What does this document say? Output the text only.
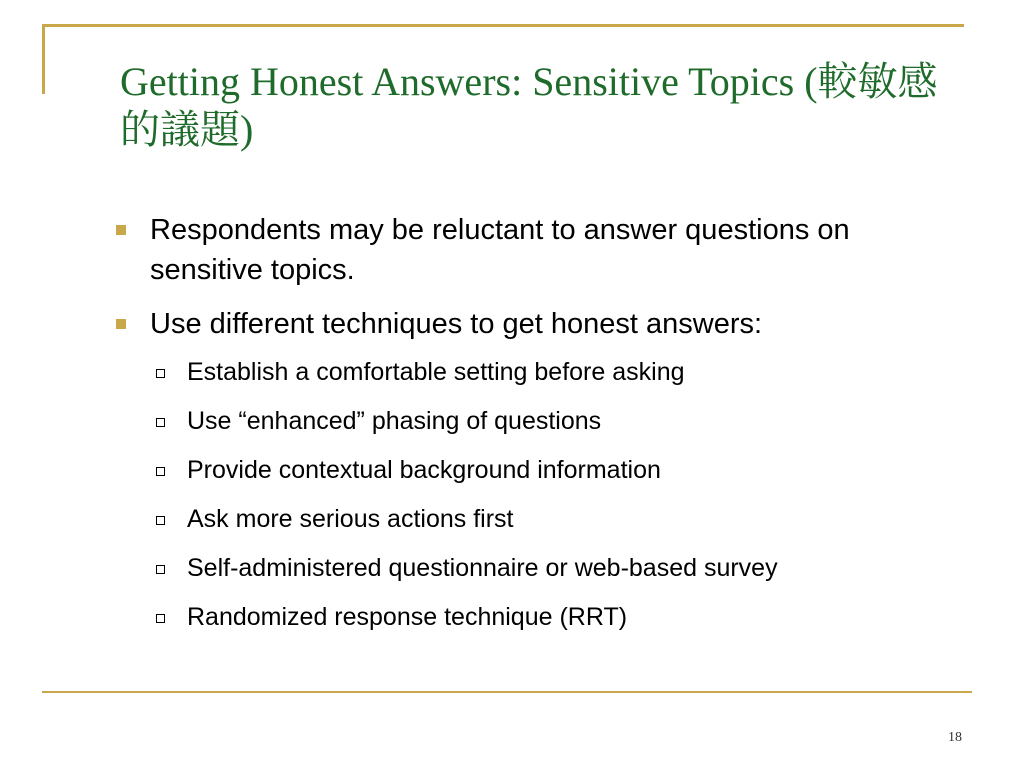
Getting Honest Answers: Sensitive Topics (較敏感的議題)
Respondents may be reluctant to answer questions on sensitive topics.
Use different techniques to get honest answers:
Establish a comfortable setting before asking
Use “enhanced” phasing of questions
Provide contextual background information
Ask more serious actions first
Self-administered questionnaire or web-based survey
Randomized response technique (RRT)
18
